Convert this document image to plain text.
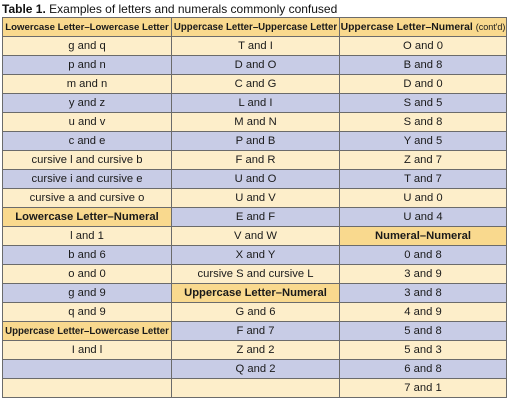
Table 1. Examples of letters and numerals commonly confused
Lowercase Letter–Lowercase Letter	Uppercase Letter–Uppercase Letter	Uppercase Letter–Numeral (cont'd)
g and q	T and I	O and 0
p and n	D and O	B and 8
m and n	C and G	D and 0
y and z	L and I	S and 5
u and v	M and N	S and 8
c and e	P and B	Y and 5
cursive l and cursive b	F and R	Z and 7
cursive i and cursive e	U and O	T and 7
cursive a and cursive o	U and V	U and 0
Lowercase Letter–Numeral	E and F	U and 4
l and 1	V and W	Numeral–Numeral
b and 6	X and Y	0 and 8
o and 0	cursive S and cursive L	3 and 9
g and 9	Uppercase Letter–Numeral	3 and 8
q and 9	G and 6	4 and 9
Uppercase Letter–Lowercase Letter	F and 7	5 and 8
I and l	Z and 2	5 and 3
	Q and 2	6 and 8
		7 and 1
